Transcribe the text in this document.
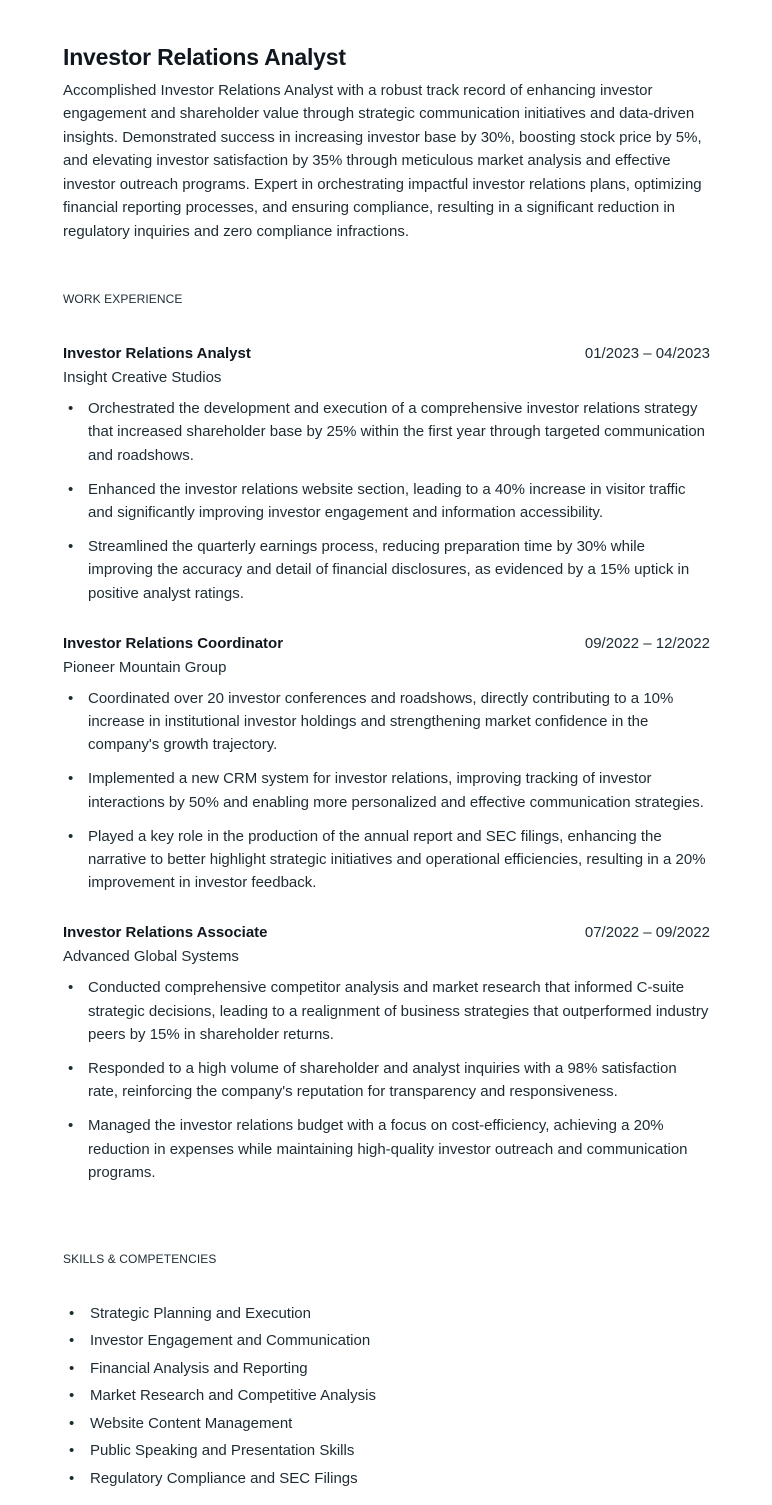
Investor Relations Analyst

Accomplished Investor Relations Analyst with a robust track record of enhancing investor engagement and shareholder value through strategic communication initiatives and data-driven insights. Demonstrated success in increasing investor base by 30%, boosting stock price by 5%, and elevating investor satisfaction by 35% through meticulous market analysis and effective investor outreach programs. Expert in orchestrating impactful investor relations plans, optimizing financial reporting processes, and ensuring compliance, resulting in a significant reduction in regulatory inquiries and zero compliance infractions.

WORK EXPERIENCE
Investor Relations Analyst	01/2023 – 04/2023
Insight Creative Studios
• Orchestrated the development and execution of a comprehensive investor relations strategy that increased shareholder base by 25% within the first year through targeted communication and roadshows.
• Enhanced the investor relations website section, leading to a 40% increase in visitor traffic and significantly improving investor engagement and information accessibility.
• Streamlined the quarterly earnings process, reducing preparation time by 30% while improving the accuracy and detail of financial disclosures, as evidenced by a 15% uptick in positive analyst ratings.
Investor Relations Coordinator	09/2022 – 12/2022
Pioneer Mountain Group
• Coordinated over 20 investor conferences and roadshows, directly contributing to a 10% increase in institutional investor holdings and strengthening market confidence in the company's growth trajectory.
• Implemented a new CRM system for investor relations, improving tracking of investor interactions by 50% and enabling more personalized and effective communication strategies.
• Played a key role in the production of the annual report and SEC filings, enhancing the narrative to better highlight strategic initiatives and operational efficiencies, resulting in a 20% improvement in investor feedback.
Investor Relations Associate	07/2022 – 09/2022
Advanced Global Systems
• Conducted comprehensive competitor analysis and market research that informed C-suite strategic decisions, leading to a realignment of business strategies that outperformed industry peers by 15% in shareholder returns.
• Responded to a high volume of shareholder and analyst inquiries with a 98% satisfaction rate, reinforcing the company's reputation for transparency and responsiveness.
• Managed the investor relations budget with a focus on cost-efficiency, achieving a 20% reduction in expenses while maintaining high-quality investor outreach and communication programs.
SKILLS & COMPETENCIES
• Strategic Planning and Execution
• Investor Engagement and Communication
• Financial Analysis and Reporting
• Market Research and Competitive Analysis
• Website Content Management
• Public Speaking and Presentation Skills
• Regulatory Compliance and SEC Filings
